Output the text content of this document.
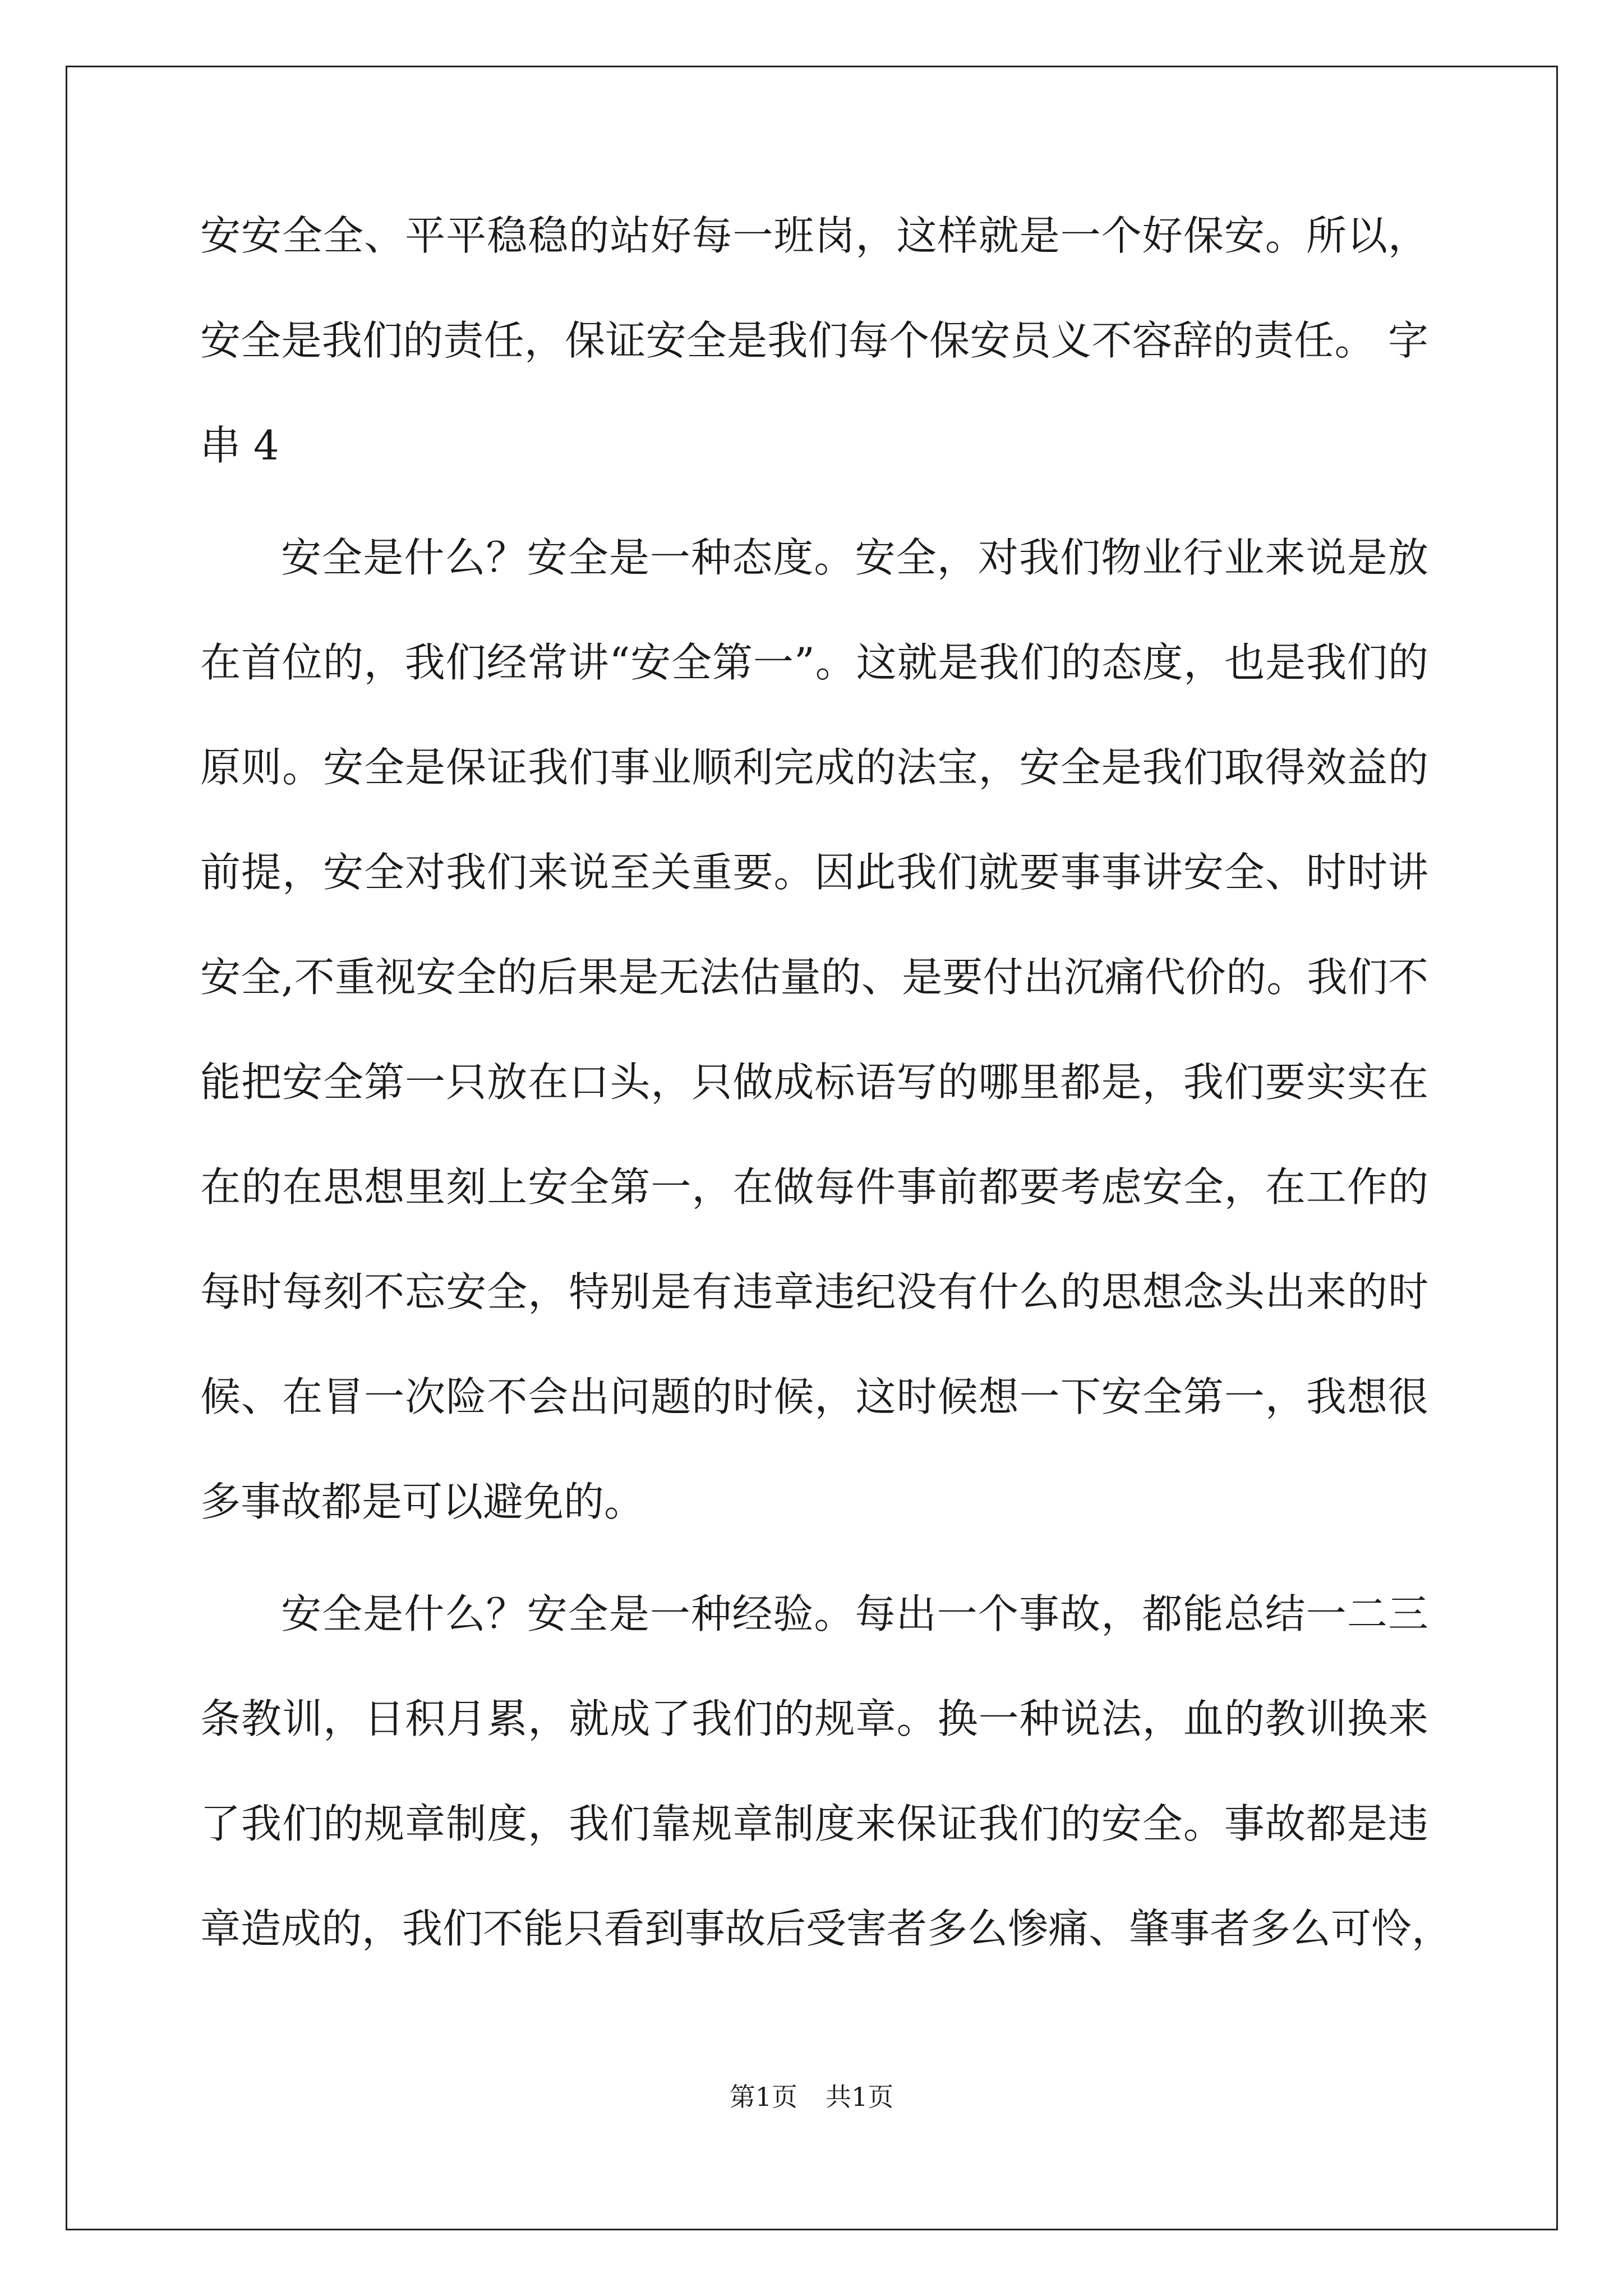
安安全全、平平稳稳的站好每一班岗，这样就是一个好保安。所以，
安全是我们的责任，保证安全是我们每个保安员义不容辞的责任。 字
串 4
安全是什么？安全是一种态度。安全，对我们物业行业来说是放
在首位的，我们经常讲“安全第一”。这就是我们的态度，也是我们的
原则。安全是保证我们事业顺利完成的法宝，安全是我们取得效益的
前提，安全对我们来说至关重要。因此我们就要事事讲安全、时时讲
安全,不重视安全的后果是无法估量的、是要付出沉痛代价的。我们不
能把安全第一只放在口头，只做成标语写的哪里都是，我们要实实在
在的在思想里刻上安全第一，在做每件事前都要考虑安全，在工作的
每时每刻不忘安全，特别是有违章违纪没有什么的思想念头出来的时
候、在冒一次险不会出问题的时候，这时候想一下安全第一，我想很
多事故都是可以避免的。
安全是什么？安全是一种经验。每出一个事故，都能总结一二三
条教训，日积月累，就成了我们的规章。换一种说法，血的教训换来
了我们的规章制度，我们靠规章制度来保证我们的安全。事故都是违
章造成的，我们不能只看到事故后受害者多么惨痛、肇事者多么可怜，
第1页 共1页
